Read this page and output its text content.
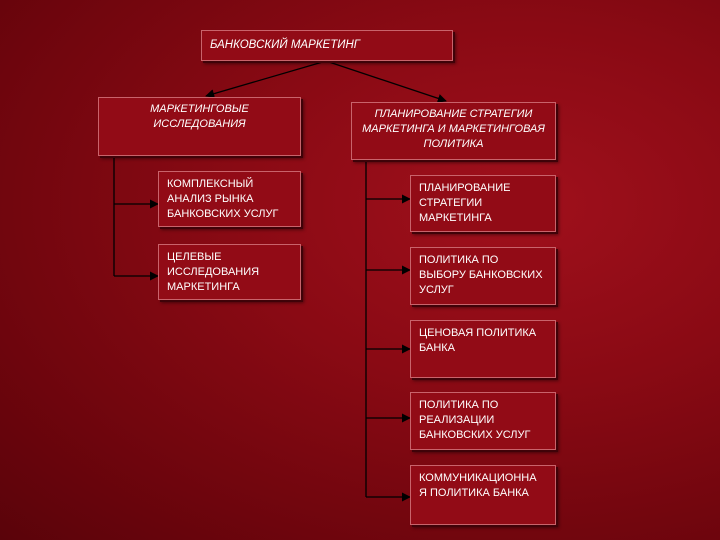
БАНКОВСКИЙ МАРКЕТИНГ
МАРКЕТИНГОВЫЕ ИССЛЕДОВАНИЯ
ПЛАНИРОВАНИЕ СТРАТЕГИИ МАРКЕТИНГА И МАРКЕТИНГОВАЯ ПОЛИТИКА
КОМПЛЕКСНЫЙ АНАЛИЗ РЫНКА БАНКОВСКИХ УСЛУГ
ЦЕЛЕВЫЕ ИССЛЕДОВАНИЯ МАРКЕТИНГА
ПЛАНИРОВАНИЕ СТРАТЕГИИ МАРКЕТИНГА
ПОЛИТИКА ПО ВЫБОРУ БАНКОВСКИХ УСЛУГ
ЦЕНОВАЯ ПОЛИТИКА БАНКА
ПОЛИТИКА ПО РЕАЛИЗАЦИИ БАНКОВСКИХ УСЛУГ
КОММУНИКАЦИОННА Я ПОЛИТИКА БАНКА
